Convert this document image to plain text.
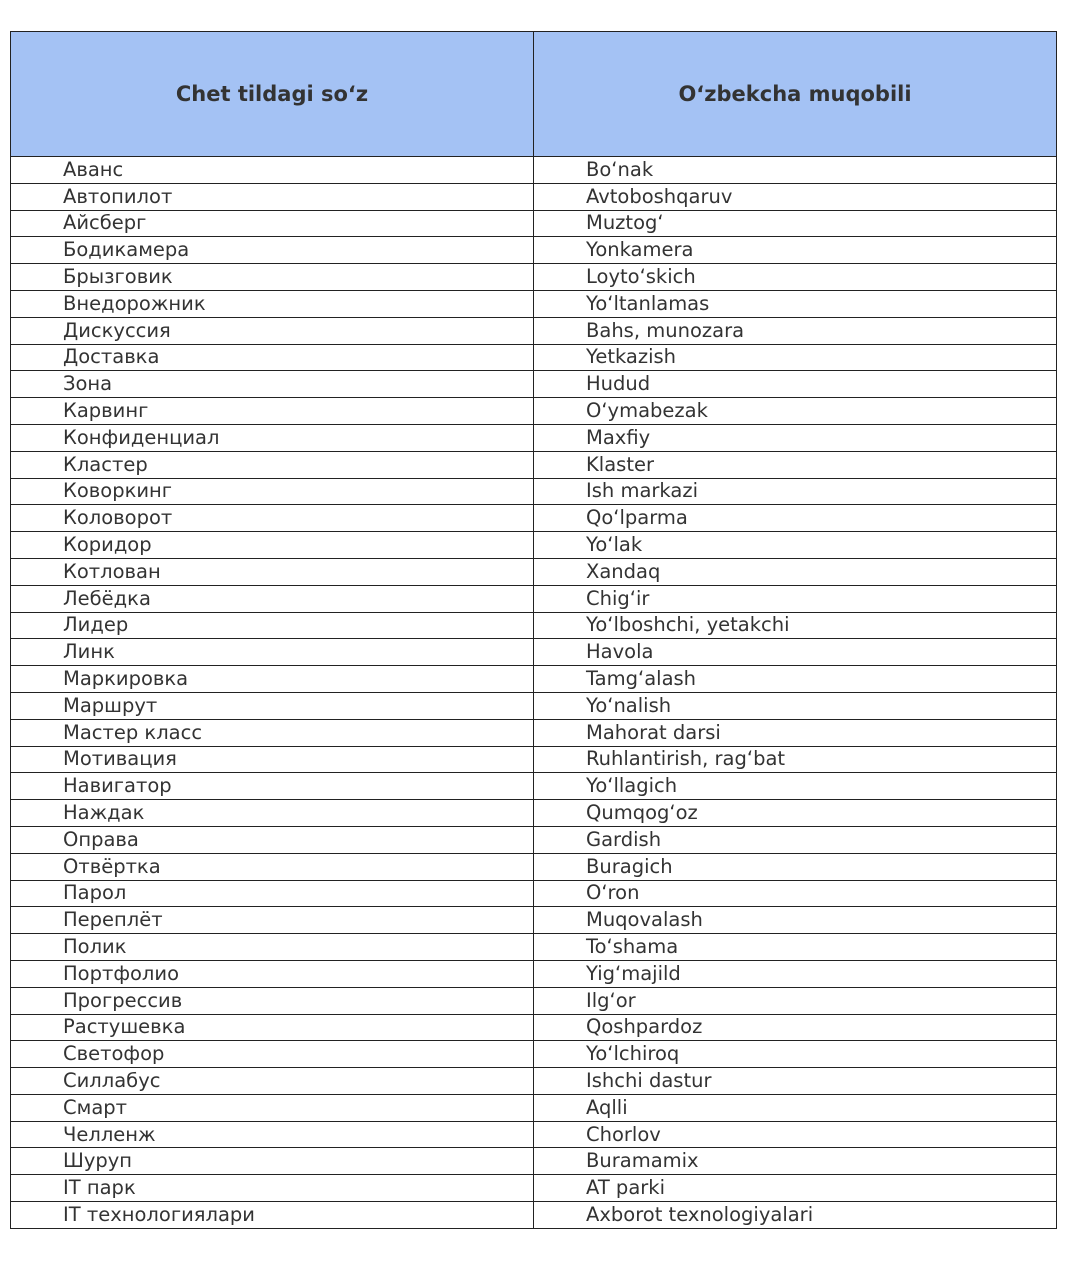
Chet tildagi so‘z	O‘zbekcha muqobili
Аванс	Bo‘nak
Автопилот	Avtoboshqaruv
Айсберг	Muztog‘
Бодикамера	Yonkamera
Брызговик	Loyto‘skich
Внедорожник	Yo‘ltanlamas
Дискуссия	Bahs, munozara
Доставка	Yetkazish
Зона	Hudud
Карвинг	O‘ymabezak
Конфиденциал	Maxfiy
Кластер	Klaster
Коворкинг	Ish markazi
Коловорот	Qo‘lparma
Коридор	Yo‘lak
Котлован	Xandaq
Лебёдка	Chig‘ir
Лидер	Yo‘lboshchi, yetakchi
Линк	Havola
Маркировка	Tamg‘alash
Маршрут	Yo‘nalish
Мастер класс	Mahorat darsi
Мотивация	Ruhlantirish, rag‘bat
Навигатор	Yo‘llagich
Наждак	Qumqog‘oz
Оправа	Gardish
Отвёртка	Buragich
Парол	O‘ron
Переплёт	Muqovalash
Полик	To‘shama
Портфолио	Yig‘majild
Прогрессив	Ilg‘or
Растушевка	Qoshpardoz
Светофор	Yo‘lchiroq
Силлабус	Ishchi dastur
Смарт	Aqlli
Челленж	Chorlov
Шуруп	Buramamix
IT парк	AT parki
IT технологиялари	Axborot texnologiyalari
